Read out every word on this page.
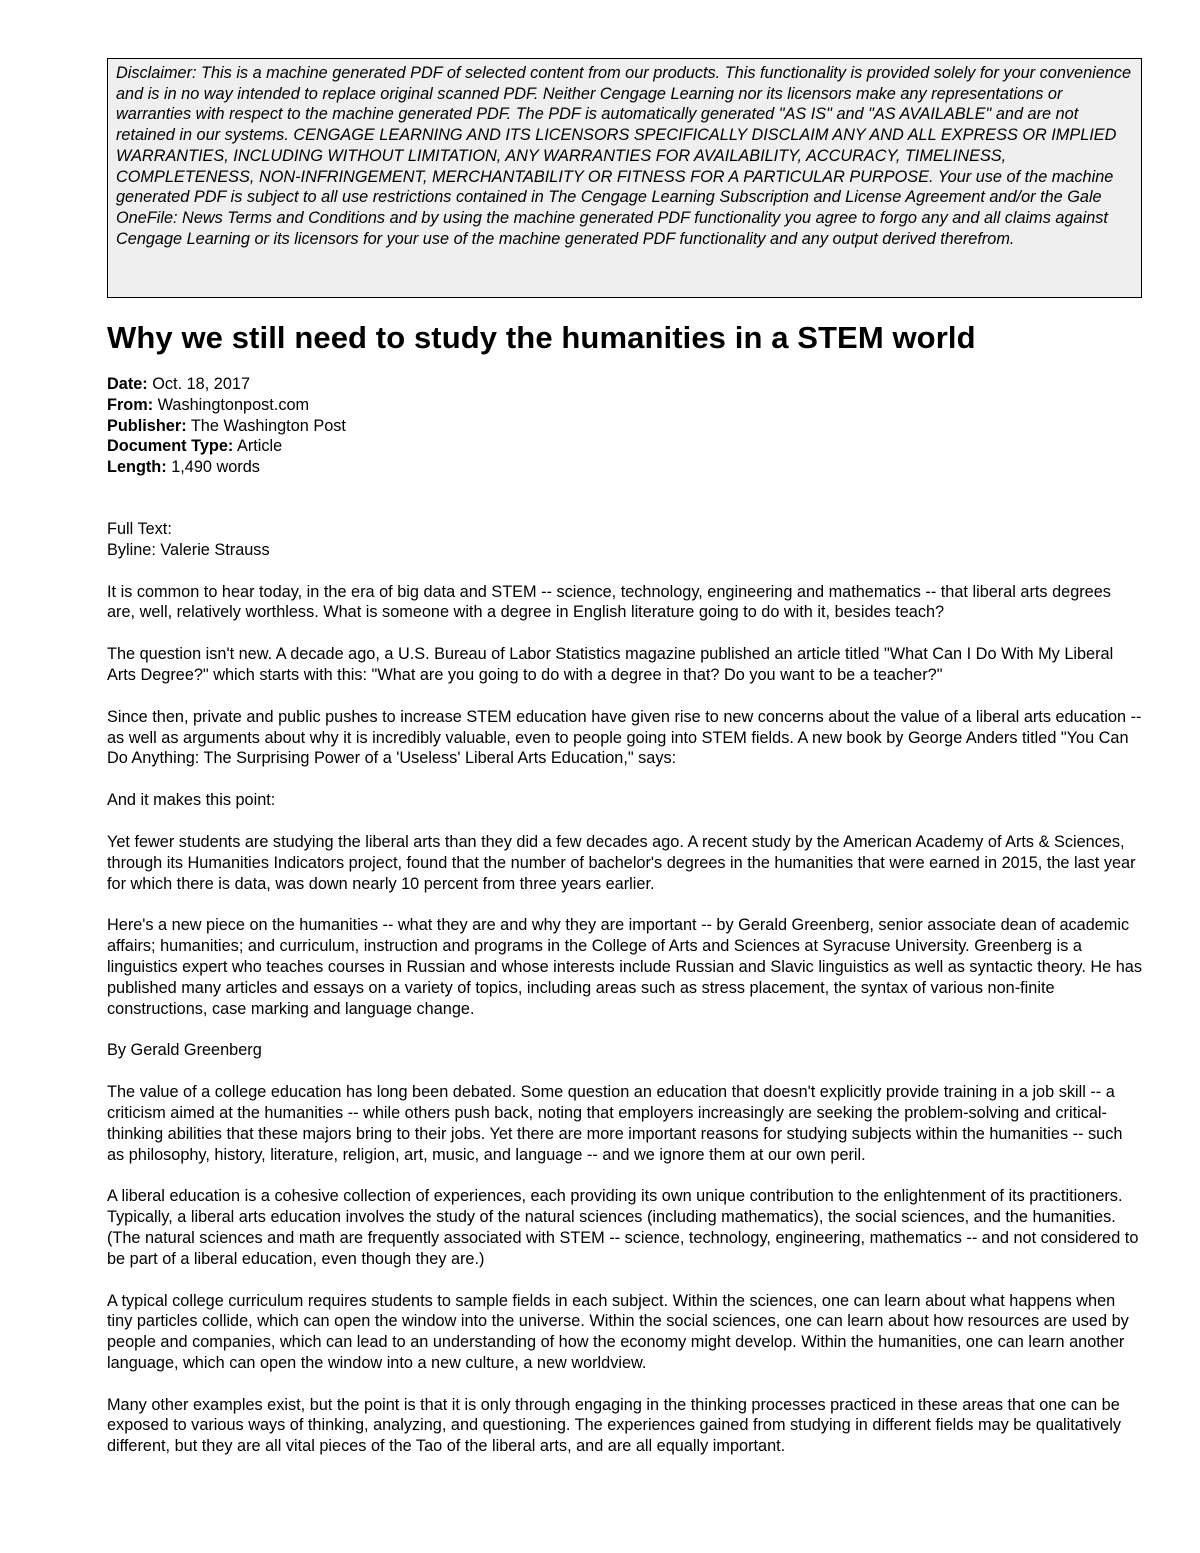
Disclaimer: This is a machine generated PDF of selected content from our products. This functionality is provided solely for your convenience and is in no way intended to replace original scanned PDF. Neither Cengage Learning nor its licensors make any representations or warranties with respect to the machine generated PDF. The PDF is automatically generated "AS IS" and "AS AVAILABLE" and are not retained in our systems. CENGAGE LEARNING AND ITS LICENSORS SPECIFICALLY DISCLAIM ANY AND ALL EXPRESS OR IMPLIED WARRANTIES, INCLUDING WITHOUT LIMITATION, ANY WARRANTIES FOR AVAILABILITY, ACCURACY, TIMELINESS, COMPLETENESS, NON-INFRINGEMENT, MERCHANTABILITY OR FITNESS FOR A PARTICULAR PURPOSE. Your use of the machine generated PDF is subject to all use restrictions contained in The Cengage Learning Subscription and License Agreement and/or the Gale OneFile: News Terms and Conditions and by using the machine generated PDF functionality you agree to forgo any and all claims against Cengage Learning or its licensors for your use of the machine generated PDF functionality and any output derived therefrom.
Why we still need to study the humanities in a STEM world
Date: Oct. 18, 2017
From: Washingtonpost.com
Publisher: The Washington Post
Document Type: Article
Length: 1,490 words
Full Text:
Byline: Valerie Strauss
It is common to hear today, in the era of big data and STEM -- science, technology, engineering and mathematics -- that liberal arts degrees are, well, relatively worthless. What is someone with a degree in English literature going to do with it, besides teach?
The question isn't new. A decade ago, a U.S. Bureau of Labor Statistics magazine published an article titled "What Can I Do With My Liberal Arts Degree?" which starts with this: "What are you going to do with a degree in that? Do you want to be a teacher?"
Since then, private and public pushes to increase STEM education have given rise to new concerns about the value of a liberal arts education -- as well as arguments about why it is incredibly valuable, even to people going into STEM fields. A new book by George Anders titled "You Can Do Anything: The Surprising Power of a 'Useless' Liberal Arts Education," says:
And it makes this point:
Yet fewer students are studying the liberal arts than they did a few decades ago. A recent study by the American Academy of Arts & Sciences, through its Humanities Indicators project, found that the number of bachelor's degrees in the humanities that were earned in 2015, the last year for which there is data, was down nearly 10 percent from three years earlier.
Here's a new piece on the humanities -- what they are and why they are important -- by Gerald Greenberg, senior associate dean of academic affairs; humanities; and curriculum, instruction and programs in the College of Arts and Sciences at Syracuse University. Greenberg is a linguistics expert who teaches courses in Russian and whose interests include Russian and Slavic linguistics as well as syntactic theory. He has published many articles and essays on a variety of topics, including areas such as stress placement, the syntax of various non-finite constructions, case marking and language change.
By Gerald Greenberg
The value of a college education has long been debated. Some question an education that doesn't explicitly provide training in a job skill -- a criticism aimed at the humanities -- while others push back, noting that employers increasingly are seeking the problem-solving and critical-thinking abilities that these majors bring to their jobs. Yet there are more important reasons for studying subjects within the humanities -- such as philosophy, history, literature, religion, art, music, and language -- and we ignore them at our own peril.
A liberal education is a cohesive collection of experiences, each providing its own unique contribution to the enlightenment of its practitioners. Typically, a liberal arts education involves the study of the natural sciences (including mathematics), the social sciences, and the humanities. (The natural sciences and math are frequently associated with STEM -- science, technology, engineering, mathematics -- and not considered to be part of a liberal education, even though they are.)
A typical college curriculum requires students to sample fields in each subject. Within the sciences, one can learn about what happens when tiny particles collide, which can open the window into the universe. Within the social sciences, one can learn about how resources are used by people and companies, which can lead to an understanding of how the economy might develop. Within the humanities, one can learn another language, which can open the window into a new culture, a new worldview.
Many other examples exist, but the point is that it is only through engaging in the thinking processes practiced in these areas that one can be exposed to various ways of thinking, analyzing, and questioning. The experiences gained from studying in different fields may be qualitatively different, but they are all vital pieces of the Tao of the liberal arts, and are all equally important.
